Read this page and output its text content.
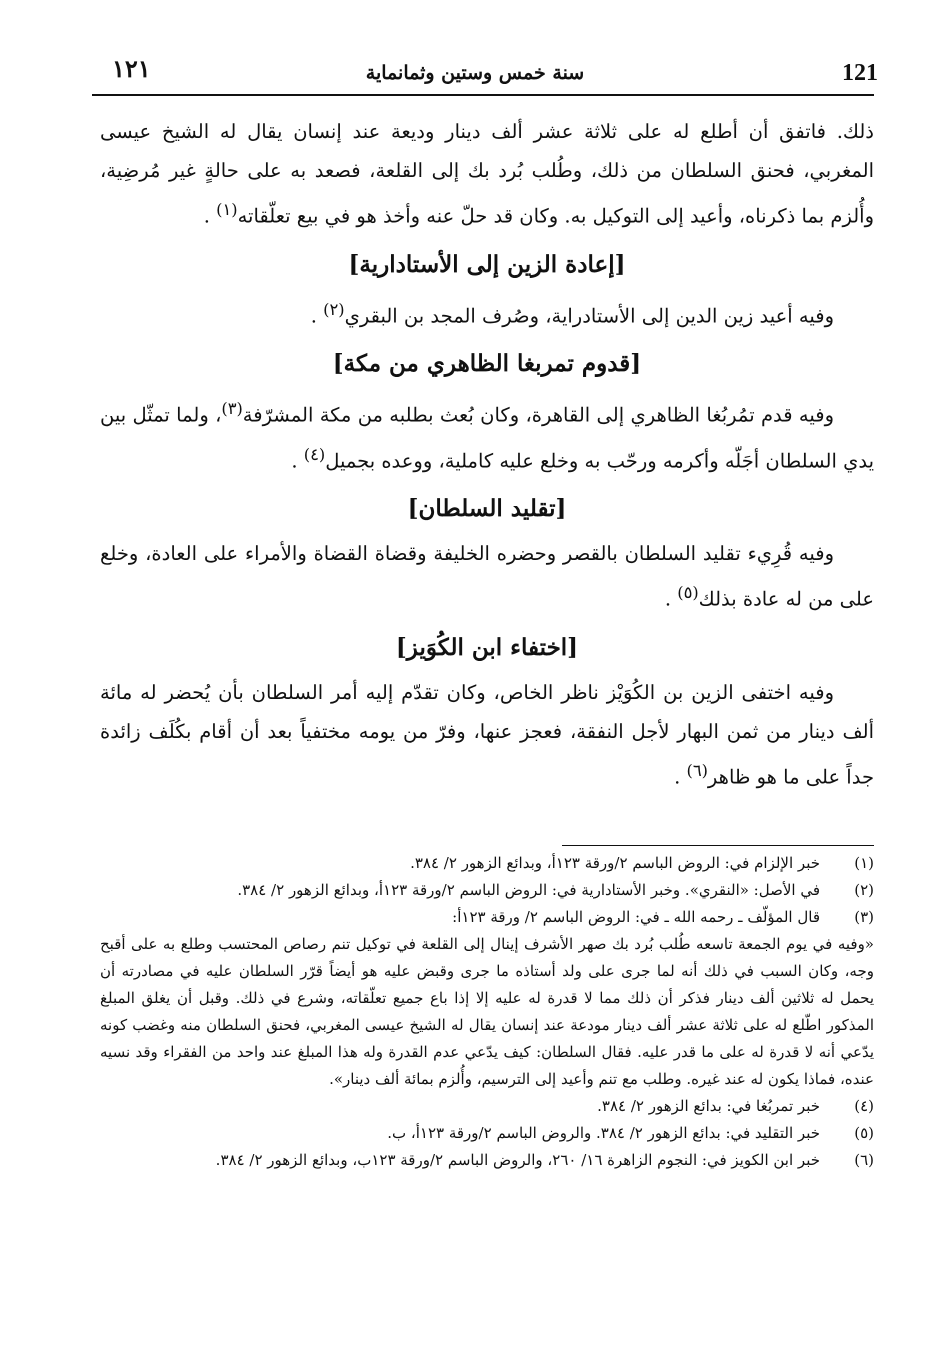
121
سنة خمس وستين وثمانماية
١٢١

ذلك. فاتفق أن أطلع له على ثلاثة عشر ألف دينار وديعة عند إنسان يقال له الشيخ عيسى المغربي، فحنق السلطان من ذلك، وطُلب بُرد بك إلى القلعة، فصعد به على حالةٍ غير مُرضِية، وأُلزم بما ذكرناه، وأعيد إلى التوكيل به. وكان قد حلّ عنه وأخذ هو في بيع تعلّقاته$^{(١)}$ .

[إعادة الزين إلى الأستادارية]

وفيه أعيد زين الدين إلى الأستادراية، وصُرف المجد بن البقري$^{(٢)}$ .

[قدوم تمربغا الظاهري من مكة]

وفيه قدم تمُربُغا الظاهري إلى القاهرة، وكان بُعث بطلبه من مكة المشرّفة$^{(٣)}$، ولما تمثّل بين يدي السلطان أجَلّه وأكرمه ورحّب به وخلع عليه كاملية، ووعده بجميل$^{(٤)}$ .

[تقليد السلطان]

وفيه قُرِيء تقليد السلطان بالقصر وحضره الخليفة وقضاة القضاة والأمراء على العادة، وخلع على من له عادة بذلك$^{(٥)}$ .

[اختفاء ابن الكُوَيز]

وفيه اختفى الزين بن الكُوَيْز ناظر الخاص، وكان تقدّم إليه أمر السلطان بأن يُحضر له مائة ألف دينار من ثمن البهار لأجل النفقة، فعجز عنها، وفرّ من يومه مختفياً بعد أن أقام بكُلَف زائدة جداً على ما هو ظاهر$^{(٦)}$ .

(١)
خبر الإلزام في: الروض الباسم ٢/ورقة ١٢٣أ، وبدائع الزهور ٢/ ٣٨٤.
(٢)
في الأصل: «النقري». وخبر الأستادارية في: الروض الباسم ٢/ورقة ١٢٣أ، وبدائع الزهور ٢/ ٣٨٤.
(٣)
قال المؤلّف ـ رحمه الله ـ في: الروض الباسم ٢/ ورقة ١٢٣أ:
«وفيه في يوم الجمعة تاسعه طُلب بُرد بك صهر الأشرف إينال إلى القلعة في توكيل تنم رصاص المحتسب وطلع به على أقبح وجه، وكان السبب في ذلك أنه لما جرى على ولد أستاذه ما جرى وقبض عليه هو أيضاً قرّر السلطان عليه في مصادرته أن يحمل له ثلاثين ألف دينار فذكر أن ذلك مما لا قدرة له عليه إلا إذا باع جميع تعلّقاته، وشرع في ذلك. وقبل أن يغلق المبلغ المذكور اطّلع له على ثلاثة عشر ألف دينار مودعة عند إنسان يقال له الشيخ عيسى المغربي، فحنق السلطان منه وغضب كونه يدّعي أنه لا قدرة له على ما قدر عليه. فقال السلطان: كيف يدّعي عدم القدرة وله هذا المبلغ عند واحد من الفقراء وقد نسيه عنده، فماذا يكون له عند غيره. وطلب مع تنم وأعيد إلى الترسيم، وأُلزم بمائة ألف دينار».
(٤)
خبر تمربُغا في: بدائع الزهور ٢/ ٣٨٤.
(٥)
خبر التقليد في: بدائع الزهور ٢/ ٣٨٤. والروض الباسم ٢/ورقة ١٢٣أ، ب.
(٦)
خبر ابن الكويز في: النجوم الزاهرة ١٦/ ٢٦٠، والروض الباسم ٢/ورقة ١٢٣ب، وبدائع الزهور ٢/ ٣٨٤.
